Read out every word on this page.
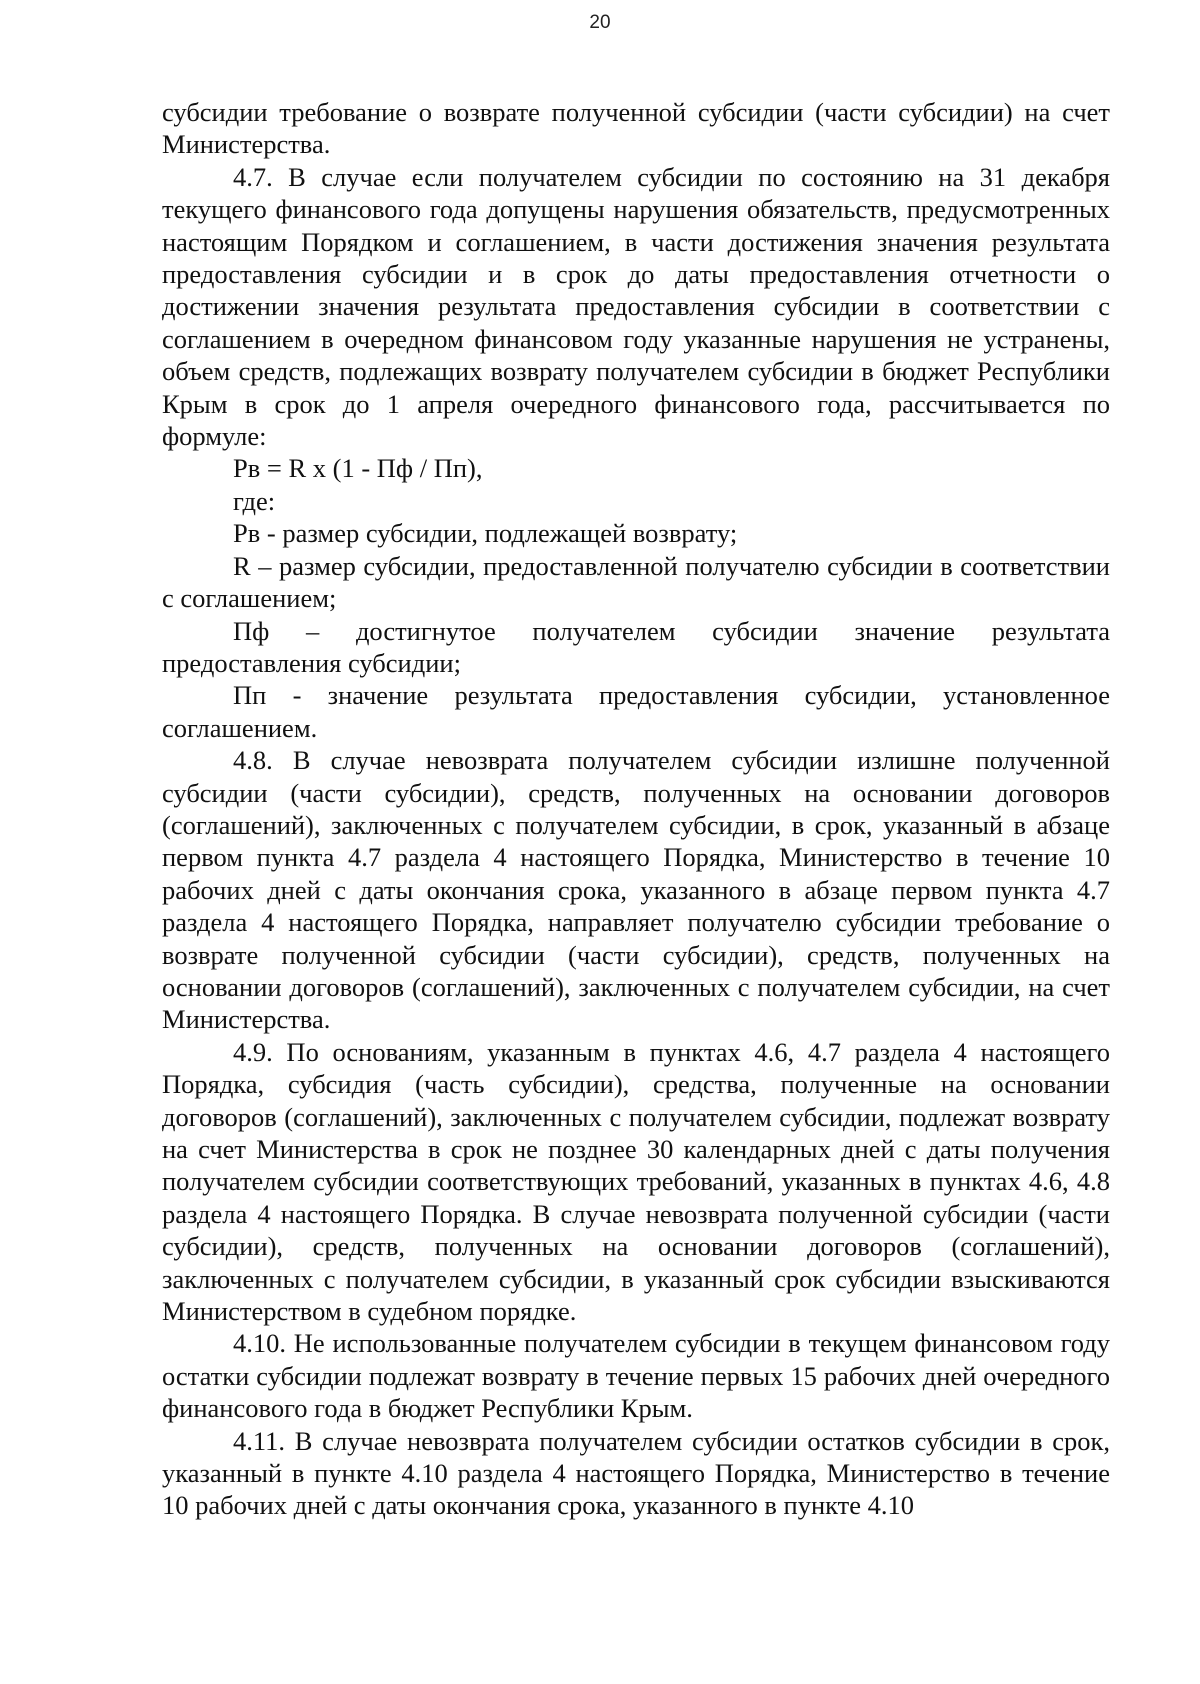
20

субсидии требование о возврате полученной субсидии (части субсидии) на счет Министерства.

4.7. В случае если получателем субсидии по состоянию на 31 декабря текущего финансового года допущены нарушения обязательств, предусмотренных настоящим Порядком и соглашением, в части достижения значения результата предоставления субсидии и в срок до даты предоставления отчетности о достижении значения результата предоставления субсидии в соответствии с соглашением в очередном финансовом году указанные нарушения не устранены, объем средств, подлежащих возврату получателем субсидии в бюджет Республики Крым в срок до 1 апреля очередного финансового года, рассчитывается по формуле:

Рв = R x (1 - Пф / Пп),

где:

Рв - размер субсидии, подлежащей возврату;

R – размер субсидии, предоставленной получателю субсидии в соответствии с соглашением;

Пф – достигнутое получателем субсидии значение результата предоставления субсидии;

Пп - значение результата предоставления субсидии, установленное соглашением.

4.8. В случае невозврата получателем субсидии излишне полученной субсидии (части субсидии), средств, полученных на основании договоров (соглашений), заключенных с получателем субсидии, в срок, указанный в абзаце первом пункта 4.7 раздела 4 настоящего Порядка, Министерство в течение 10 рабочих дней с даты окончания срока, указанного в абзаце первом пункта 4.7 раздела 4 настоящего Порядка, направляет получателю субсидии требование о возврате полученной субсидии (части субсидии), средств, полученных на основании договоров (соглашений), заключенных с получателем субсидии, на счет Министерства.

4.9. По основаниям, указанным в пунктах 4.6, 4.7 раздела 4 настоящего Порядка, субсидия (часть субсидии), средства, полученные на основании договоров (соглашений), заключенных с получателем субсидии, подлежат возврату на счет Министерства в срок не позднее 30 календарных дней с даты получения получателем субсидии соответствующих требований, указанных в пунктах 4.6, 4.8 раздела 4 настоящего Порядка. В случае невозврата полученной субсидии (части субсидии), средств, полученных на основании договоров (соглашений), заключенных с получателем субсидии, в указанный срок субсидии взыскиваются Министерством в судебном порядке.

4.10. Не использованные получателем субсидии в текущем финансовом году остатки субсидии подлежат возврату в течение первых 15 рабочих дней очередного финансового года в бюджет Республики Крым.

4.11. В случае невозврата получателем субсидии остатков субсидии в срок, указанный в пункте 4.10 раздела 4 настоящего Порядка, Министерство в течение 10 рабочих дней с даты окончания срока, указанного в пункте 4.10
